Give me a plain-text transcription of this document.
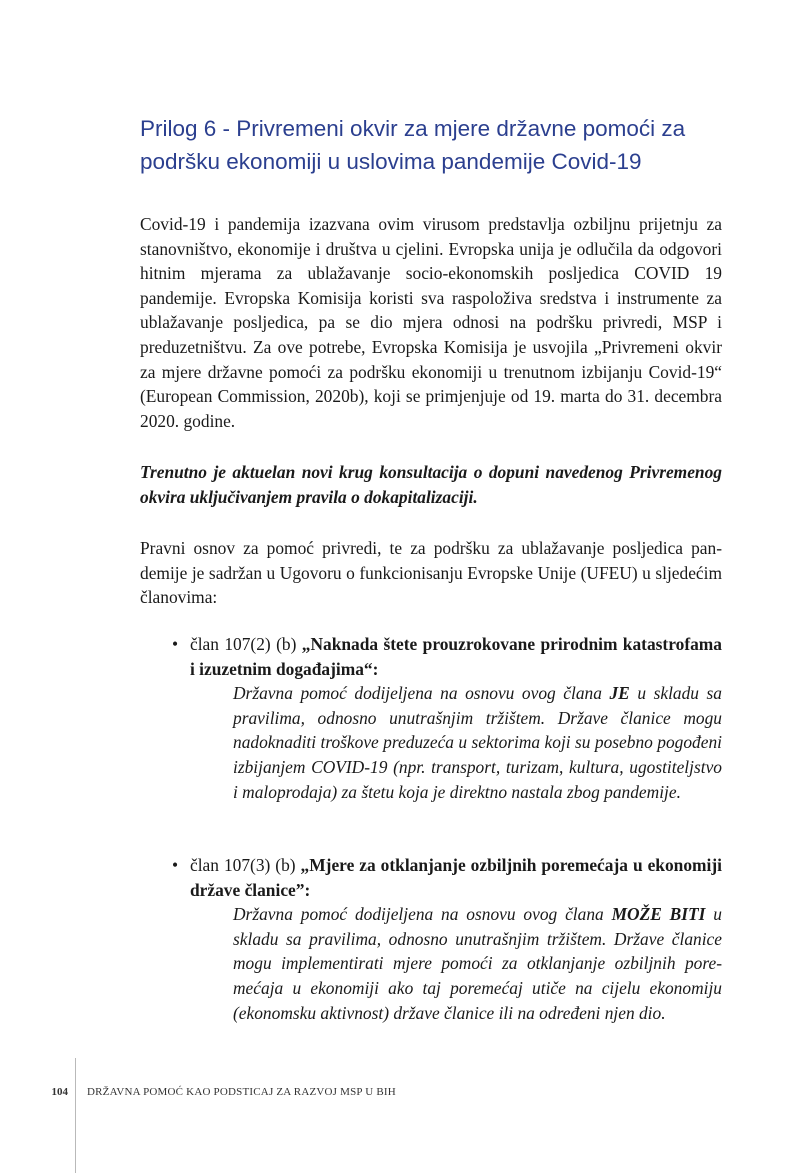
Prilog 6 - Privremeni okvir za mjere državne pomoći za
podršku ekonomiji u uslovima pandemije Covid-19

Covid-19 i pandemija izazvana ovim virusom predstavlja ozbiljnu prijetnju za stanovništvo, ekonomije i društva u cjelini. Evropska unija je odlučila da odgovori hitnim mjerama za ublažavanje socio-ekonomskih posljedica COVID 19 pandemije. Evropska Komisija koristi sva raspoloživa sredstva i instrumente za ublažavanje posljedica, pa se dio mjera odnosi na podršku privredi, MSP i preduzetništvu. Za ove potrebe, Evropska Komisija je usvojila „Privremeni okvir za mjere državne pomoći za podršku ekonomiji u trenutnom izbijanju Covid-19“ (European Commission, 2020b), koji se primjenjuje od 19. marta do 31. decembra 2020. godine.

Trenutno je aktuelan novi krug konsultacija o dopuni navedenog Privremenog okvira uključivanjem pravila o dokapitalizaciji.

Pravni osnov za pomoć privredi, te za podršku za ublažavanje posljedica pandemije je sadržan u Ugovoru o funkcionisanju Evropske Unije (UFEU) u sljedećim članovima:

• član 107(2) (b) „Naknada štete prouzrokovane prirodnim katastrofama i izuzetnim događajima“:
Državna pomoć dodijeljena na osnovu ovog člana JE u skladu sa pravilima, odnosno unutrašnjim tržištem. Države članice mogu nadoknaditi troškove preduzeća u sektorima koji su posebno pogođeni izbijanjem COVID-19 (npr. transport, turizam, kultura, ugostiteljstvo i maloprodaja) za štetu koja je direktno nastala zbog pandemije.
• član 107(3) (b) „Mjere za otklanjanje ozbiljnih poremećaja u ekonomiji države članice”:
Državna pomoć dodijeljena na osnovu ovog člana MOŽE BITI u skladu sa pravilima, odnosno unutrašnjim tržištem. Države članice mogu implementirati mjere pomoći za otklanjanje ozbiljnih poremećaja u ekonomiji ako taj poremećaj utiče na cijelu ekonomiju (ekonomsku aktivnost) države članice ili na određeni njen dio.
104 DRŽAVNA POMOĆ KAO PODSTICAJ ZA RAZVOJ MSP U BIH
